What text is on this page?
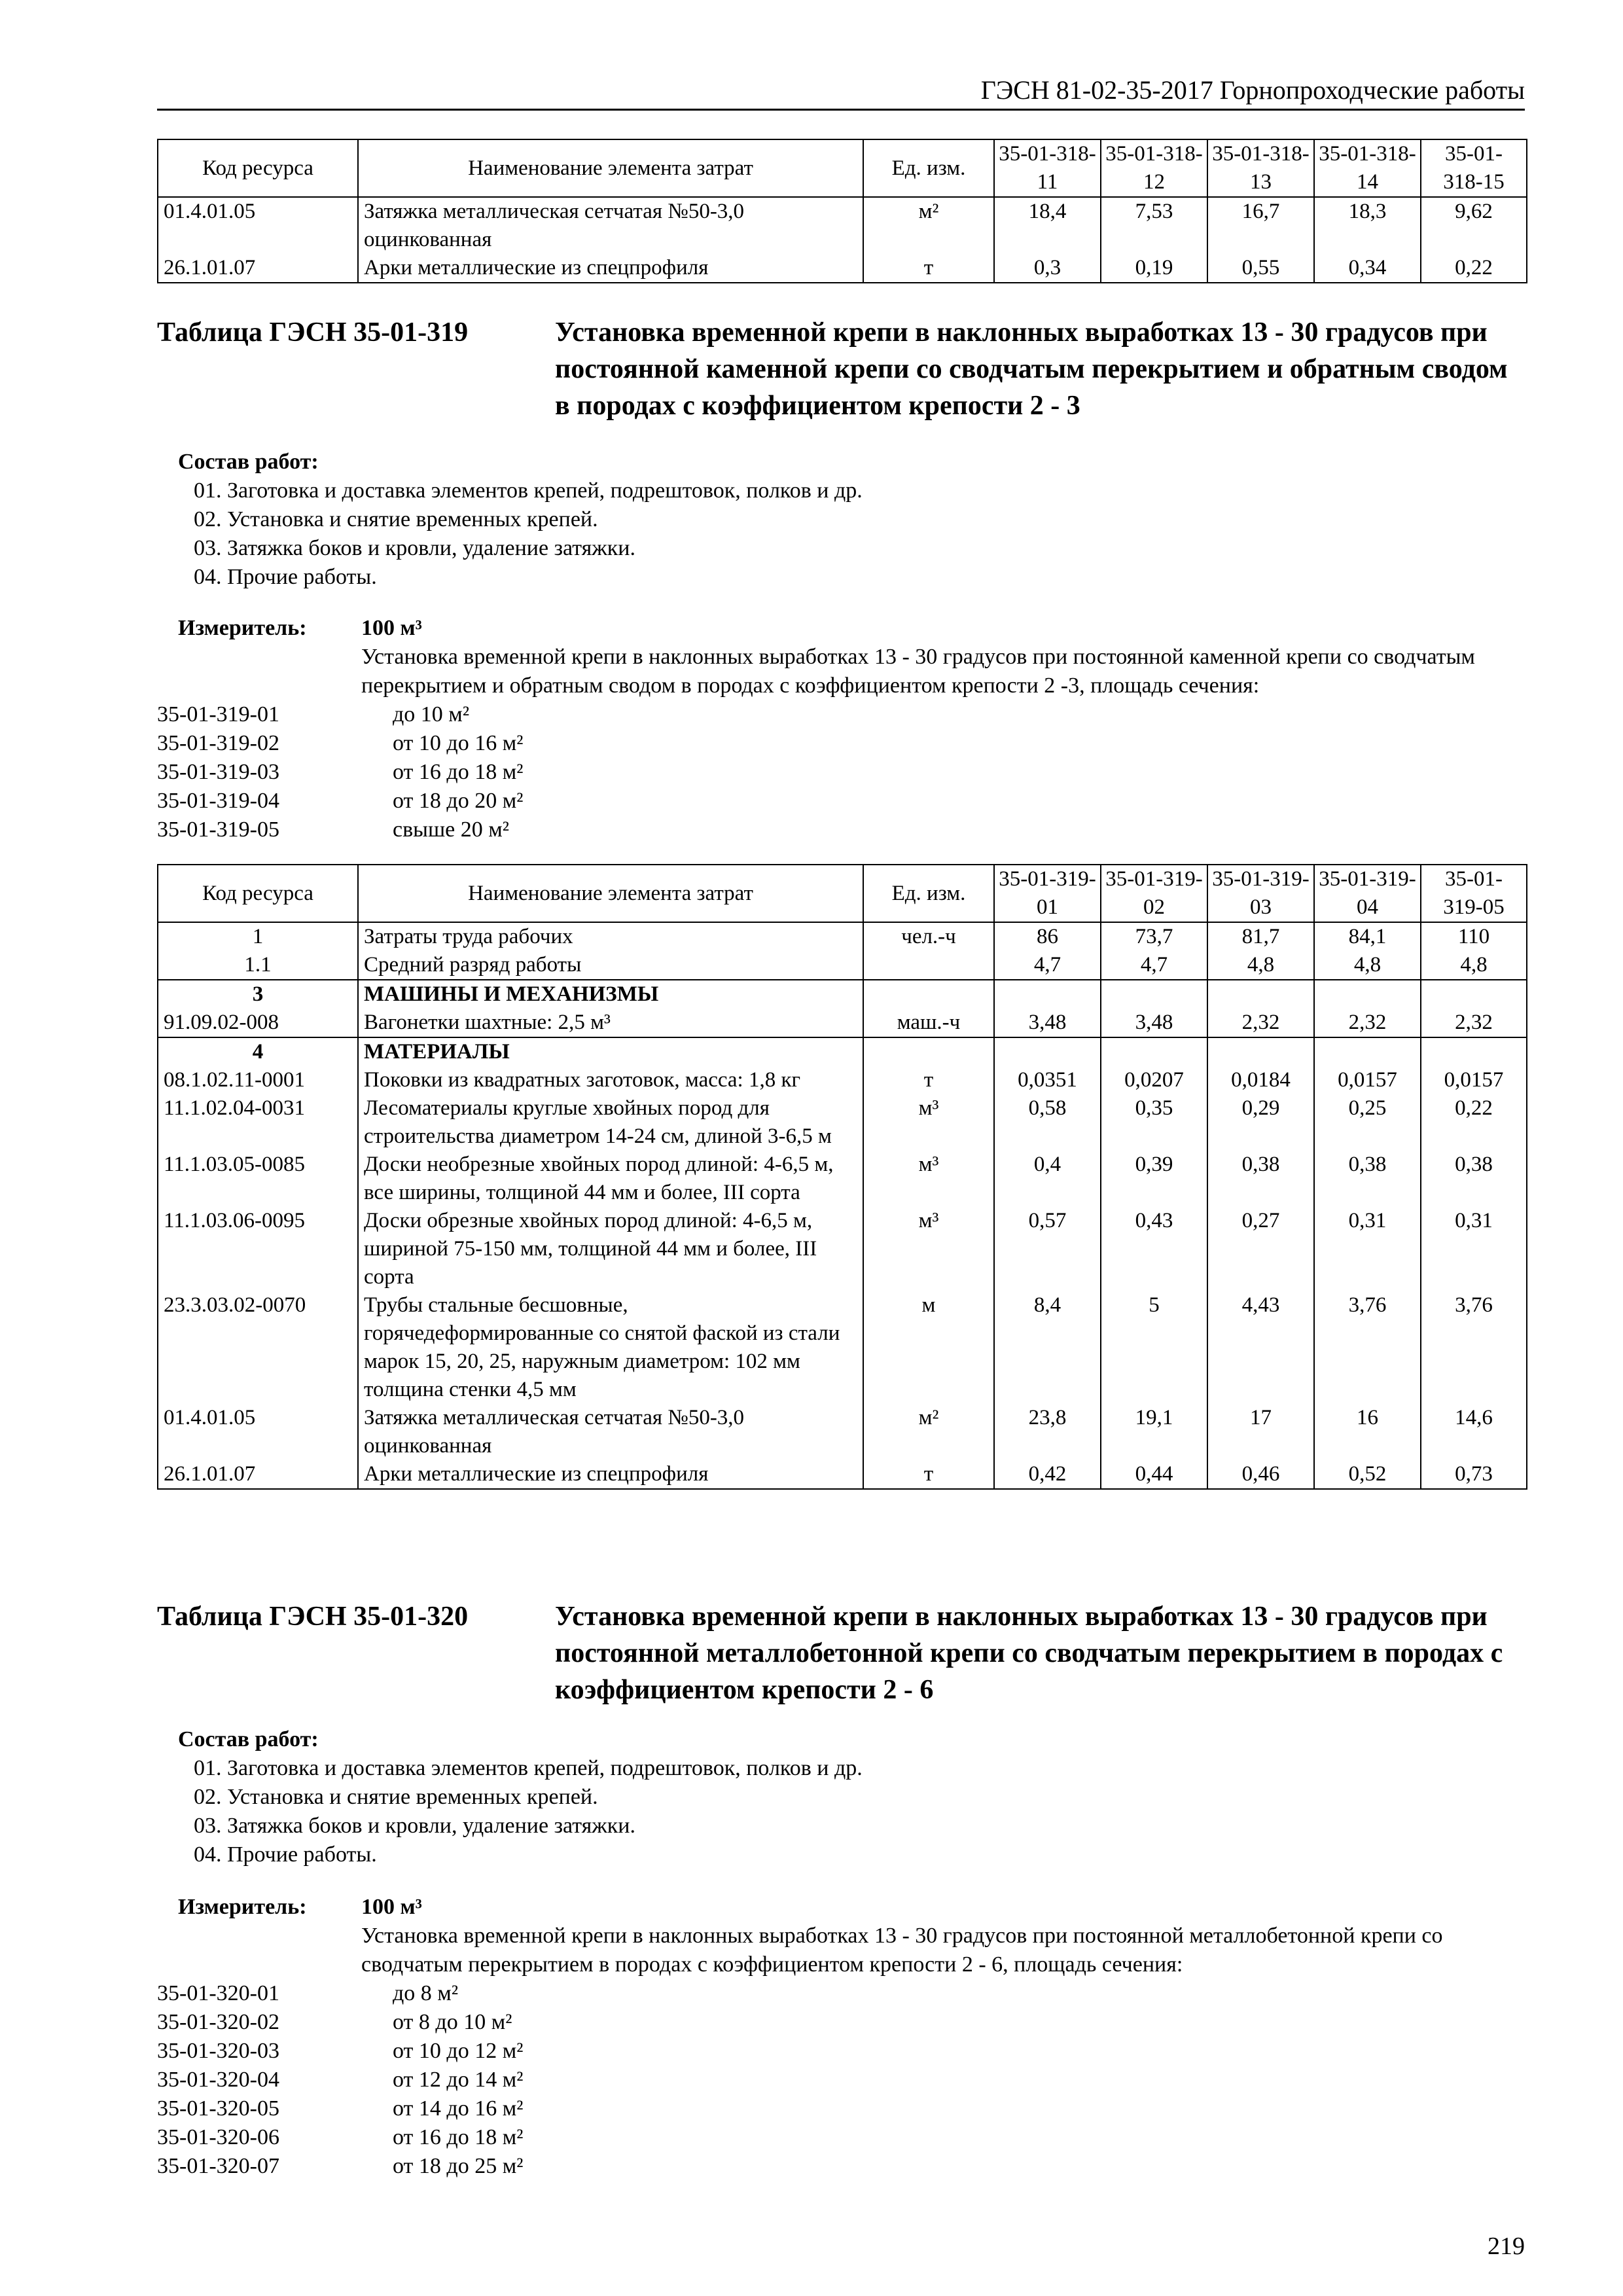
ГЭСН 81-02-35-2017 Горнопроходческие работы
Код ресурса	Наименование элемента затрат	Ед. изм.	35-01-318-11	35-01-318-12	35-01-318-13	35-01-318-14	35-01-318-15
01.4.01.05	Затяжка металлическая сетчатая №50-3,0 оцинкованная	м²	18,4	7,53	16,7	18,3	9,62
26.1.01.07	Арки металлические из спецпрофиля	т	0,3	0,19	0,55	0,34	0,22
Таблица ГЭСН 35-01-319	Установка временной крепи в наклонных выработках 13 - 30 градусов при постоянной каменной крепи со сводчатым перекрытием и обратным сводом в породах с коэффициентом крепости 2 - 3
Состав работ:
01. Заготовка и доставка элементов крепей, подрештовок, полков и др.
02. Установка и снятие временных крепей.
03. Затяжка боков и кровли, удаление затяжки.
04. Прочие работы.
Измеритель: 100 м³
Установка временной крепи в наклонных выработках 13 - 30 градусов при постоянной каменной крепи со сводчатым перекрытием и обратным сводом в породах с коэффициентом крепости 2 -3, площадь сечения:
35-01-319-01	до 10 м²
35-01-319-02	от 10 до 16 м²
35-01-319-03	от 16 до 18 м²
35-01-319-04	от 18 до 20 м²
35-01-319-05	свыше 20 м²
Код ресурса	Наименование элемента затрат	Ед. изм.	35-01-319-01	35-01-319-02	35-01-319-03	35-01-319-04	35-01-319-05
1	Затраты труда рабочих	чел.-ч	86	73,7	81,7	84,1	110
1.1	Средний разряд работы		4,7	4,7	4,8	4,8	4,8
3	МАШИНЫ И МЕХАНИЗМЫ						
91.09.02-008	Вагонетки шахтные: 2,5 м³	маш.-ч	3,48	3,48	2,32	2,32	2,32
4	МАТЕРИАЛЫ						
08.1.02.11-0001	Поковки из квадратных заготовок, масса: 1,8 кг	т	0,0351	0,0207	0,0184	0,0157	0,0157
11.1.02.04-0031	Лесоматериалы круглые хвойных пород для строительства диаметром 14-24 см, длиной 3-6,5 м	м³	0,58	0,35	0,29	0,25	0,22
11.1.03.05-0085	Доски необрезные хвойных пород длиной: 4-6,5 м, все ширины, толщиной 44 мм и более, III сорта	м³	0,4	0,39	0,38	0,38	0,38
11.1.03.06-0095	Доски обрезные хвойных пород длиной: 4-6,5 м, шириной 75-150 мм, толщиной 44 мм и более, III сорта	м³	0,57	0,43	0,27	0,31	0,31
23.3.03.02-0070	Трубы стальные бесшовные, горячедеформированные со снятой фаской из стали марок 15, 20, 25, наружным диаметром: 102 мм толщина стенки 4,5 мм	м	8,4	5	4,43	3,76	3,76
01.4.01.05	Затяжка металлическая сетчатая №50-3,0 оцинкованная	м²	23,8	19,1	17	16	14,6
26.1.01.07	Арки металлические из спецпрофиля	т	0,42	0,44	0,46	0,52	0,73
Таблица ГЭСН 35-01-320	Установка временной крепи в наклонных выработках 13 - 30 градусов при постоянной металлобетонной крепи со сводчатым перекрытием в породах с коэффициентом крепости 2 - 6
Состав работ:
01. Заготовка и доставка элементов крепей, подрештовок, полков и др.
02. Установка и снятие временных крепей.
03. Затяжка боков и кровли, удаление затяжки.
04. Прочие работы.
Измеритель: 100 м³
Установка временной крепи в наклонных выработках 13 - 30 градусов при постоянной металлобетонной крепи со сводчатым перекрытием в породах с коэффициентом крепости 2 - 6, площадь сечения:
35-01-320-01	до 8 м²
35-01-320-02	от 8 до 10 м²
35-01-320-03	от 10 до 12 м²
35-01-320-04	от 12 до 14 м²
35-01-320-05	от 14 до 16 м²
35-01-320-06	от 16 до 18 м²
35-01-320-07	от 18 до 25 м²
219
